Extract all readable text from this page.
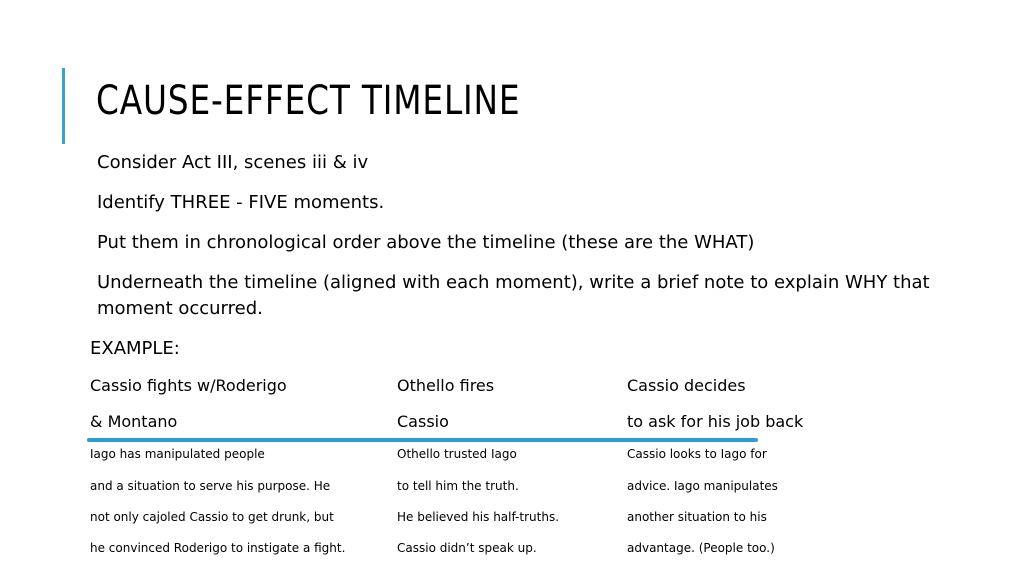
CAUSE-EFFECT TIMELINE
Consider Act III, scenes iii & iv
Identify THREE - FIVE moments.
Put them in chronological order above the timeline (these are the WHAT)
Underneath the timeline (aligned with each moment), write a brief note to explain WHY that moment occurred.
EXAMPLE:
Cassio fights w/Roderigo	Othello fires	Cassio decides
& Montano	Cassio	to ask for his job back
Iago has manipulated people	Othello trusted Iago	Cassio looks to Iago for
and a situation to serve his purpose. He	to tell him the truth.	advice. Iago manipulates
not only cajoled Cassio to get drunk, but	He believed his half-truths.	another situation to his
he convinced Roderigo to instigate a fight.	Cassio didn’t speak up.	advantage. (People too.)
